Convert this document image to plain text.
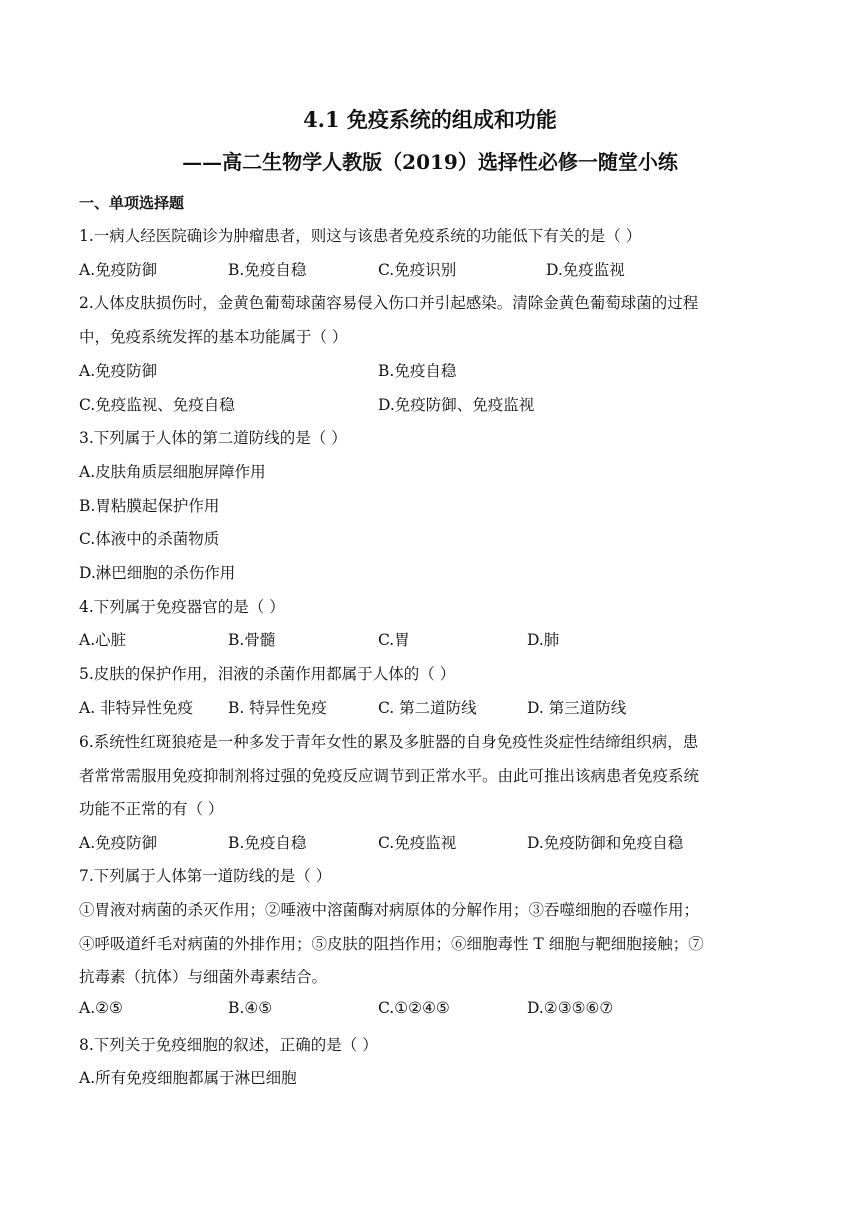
4.1 免疫系统的组成和功能
——高二生物学人教版（2019）选择性必修一随堂小练
一、单项选择题
1.一病人经医院确诊为肿瘤患者，则这与该患者免疫系统的功能低下有关的是（ ）
A.免疫防御	B.免疫自稳	C.免疫识别	D.免疫监视
2.人体皮肤损伤时，金黄色葡萄球菌容易侵入伤口并引起感染。清除金黄色葡萄球菌的过程
中，免疫系统发挥的基本功能属于（ ）
A.免疫防御	B.免疫自稳
C.免疫监视、免疫自稳	D.免疫防御、免疫监视
3.下列属于人体的第二道防线的是（ ）
A.皮肤角质层细胞屏障作用
B.胃粘膜起保护作用
C.体液中的杀菌物质
D.淋巴细胞的杀伤作用
4.下列属于免疫器官的是（ ）
A.心脏	B.骨髓	C.胃	D.肺
5.皮肤的保护作用，泪液的杀菌作用都属于人体的（ ）
A. 非特异性免疫 B. 特异性免疫	C. 第二道防线	D. 第三道防线
6.系统性红斑狼疮是一种多发于青年女性的累及多脏器的自身免疫性炎症性结缔组织病，患
者常常需服用免疫抑制剂将过强的免疫反应调节到正常水平。由此可推出该病患者免疫系统
功能不正常的有（ ）
A.免疫防御	B.免疫自稳	C.免疫监视	D.免疫防御和免疫自稳
7.下列属于人体第一道防线的是（ ）
①胃液对病菌的杀灭作用；②唾液中溶菌酶对病原体的分解作用；③吞噬细胞的吞噬作用；
④呼吸道纤毛对病菌的外排作用；⑤皮肤的阻挡作用；⑥细胞毒性 T 细胞与靶细胞接触；⑦
抗毒素（抗体）与细菌外毒素结合。
A.②⑤	B.④⑤	C.①②④⑤	D.②③⑤⑥⑦
8.下列关于免疫细胞的叙述，正确的是（ ）
A.所有免疫细胞都属于淋巴细胞
